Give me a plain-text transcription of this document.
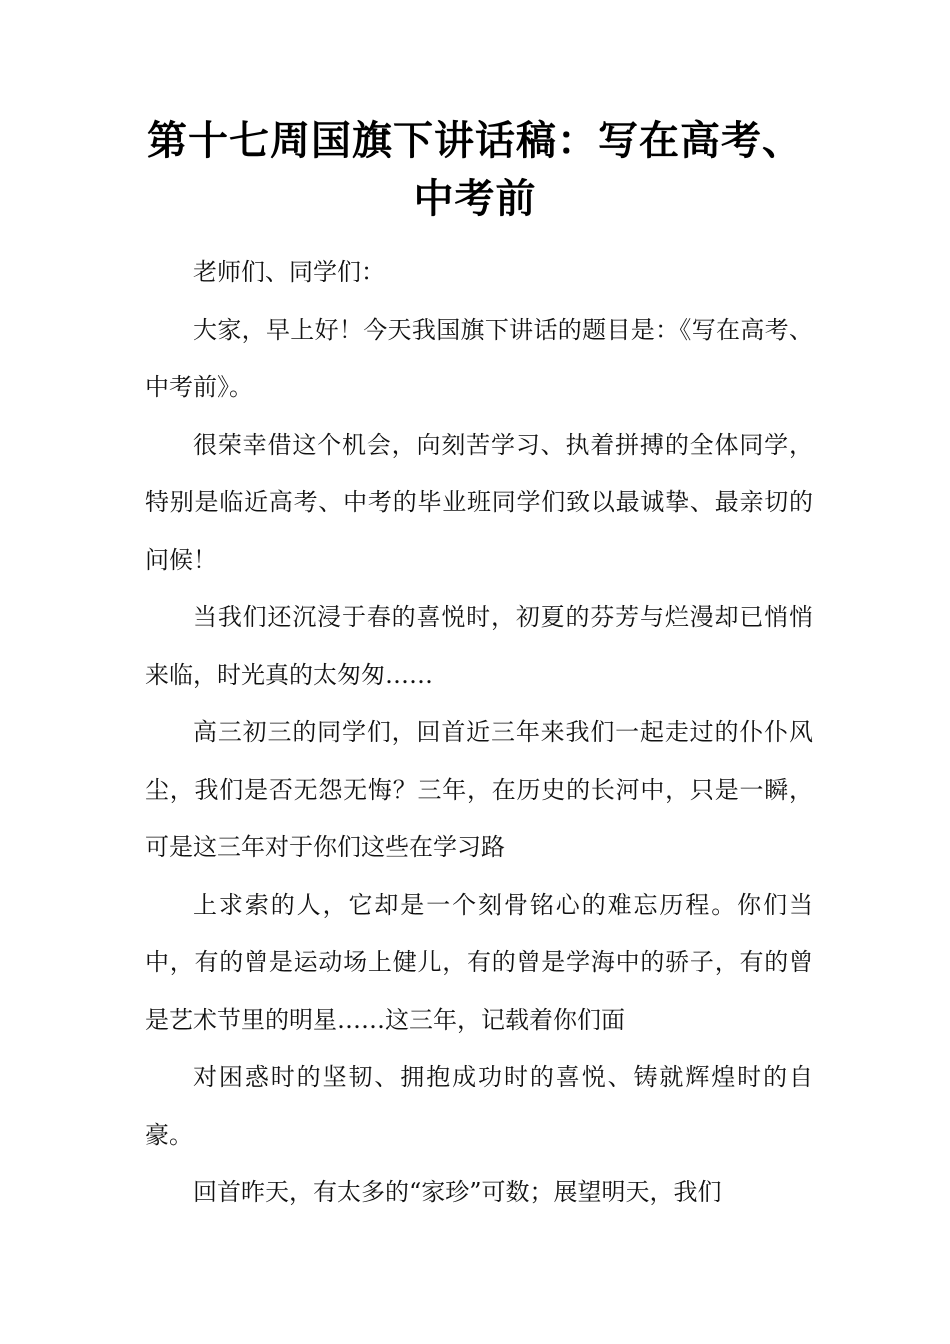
第十七周国旗下讲话稿：写在高考、中考前

老师们、同学们：

大家，早上好！今天我国旗下讲话的题目是：《写在高考、中考前》。

很荣幸借这个机会，向刻苦学习、执着拼搏的全体同学，特别是临近高考、中考的毕业班同学们致以最诚挚、最亲切的问候！

当我们还沉浸于春的喜悦时，初夏的芬芳与烂漫却已悄悄来临，时光真的太匆匆……

高三初三的同学们，回首近三年来我们一起走过的仆仆风尘，我们是否无怨无悔？三年，在历史的长河中，只是一瞬，可是这三年对于你们这些在学习路

上求索的人，它却是一个刻骨铭心的难忘历程。你们当中，有的曾是运动场上健儿，有的曾是学海中的骄子，有的曾是艺术节里的明星……这三年，记载着你们面

对困惑时的坚韧、拥抱成功时的喜悦、铸就辉煌时的自豪。

回首昨天，有太多的“家珍”可数；展望明天，我们
